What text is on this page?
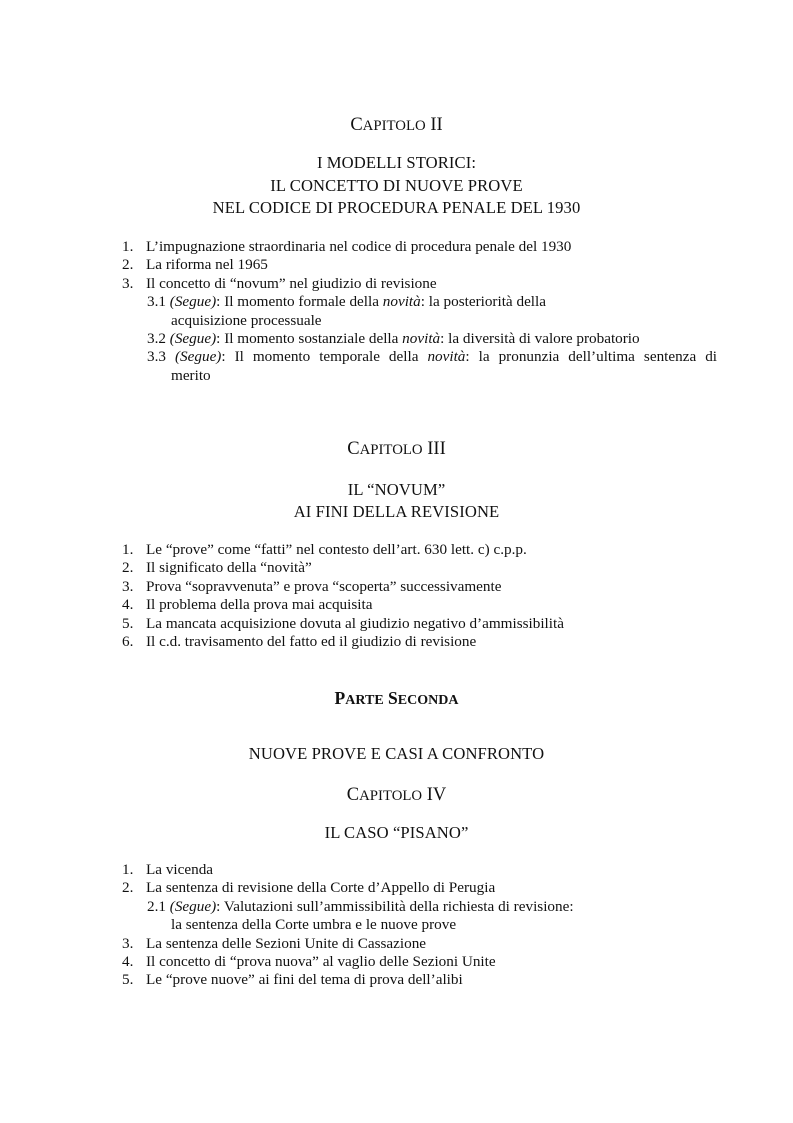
CAPITOLO II
I MODELLI STORICI:
IL CONCETTO DI NUOVE PROVE
NEL CODICE DI PROCEDURA PENALE DEL 1930
1. L’impugnazione straordinaria nel codice di procedura penale del 1930
2. La riforma nel 1965
3. Il concetto di “novum” nel giudizio di revisione
3.1 (Segue): Il momento formale della novità: la posteriorità della
acquisizione processuale
3.2 (Segue): Il momento sostanziale della novità: la diversità di valore probatorio
3.3 (Segue): Il momento temporale della novità: la pronunzia dell’ultima sentenza di
merito
CAPITOLO III
IL “NOVUM”
AI FINI DELLA REVISIONE
1. Le “prove” come “fatti” nel contesto dell’art. 630 lett. c) c.p.p.
2. Il significato della “novità”
3. Prova “sopravvenuta” e prova “scoperta” successivamente
4. Il problema della prova mai acquisita
5. La mancata acquisizione dovuta al giudizio negativo d’ammissibilità
6. Il c.d. travisamento del fatto ed il giudizio di revisione
PARTE SECONDA
NUOVE PROVE E CASI A CONFRONTO
CAPITOLO IV
IL CASO “PISANO”
1. La vicenda
2. La sentenza di revisione della Corte d’Appello di Perugia
2.1 (Segue): Valutazioni sull’ammissibilità della richiesta di revisione:
la sentenza della Corte umbra e le nuove prove
3. La sentenza delle Sezioni Unite di Cassazione
4. Il concetto di “prova nuova” al vaglio delle Sezioni Unite
5. Le “prove nuove” ai fini del tema di prova dell’alibi
